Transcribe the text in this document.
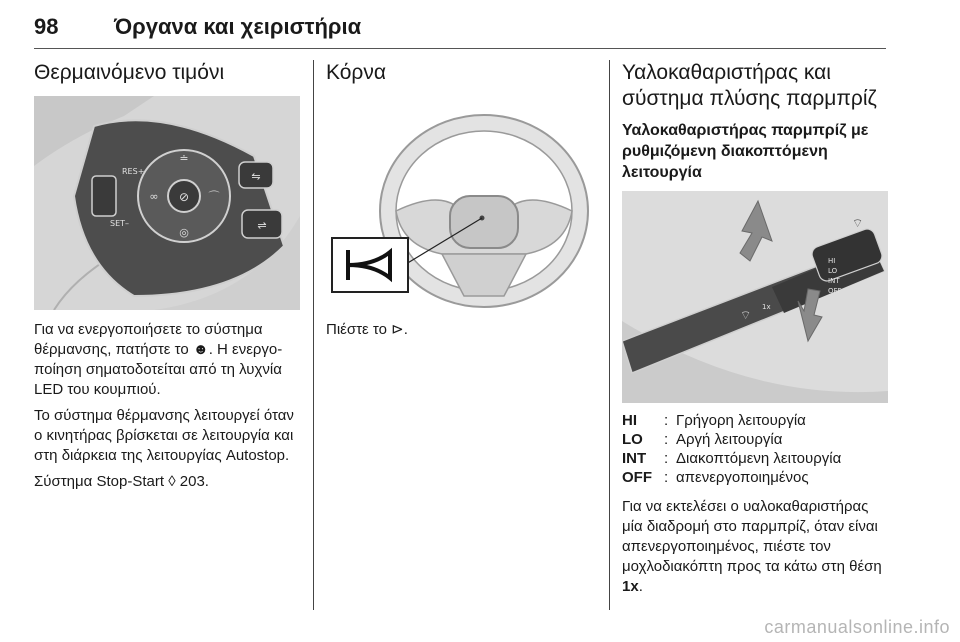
98	Όργανα και χειριστήρια
Θερμαινόμενο τιμόνι
⊘
≐
∞	⌒
◎
RES+
SET–
⇋
⇌

Για να ενεργοποιήσετε το σύστημα θέρμανσης, πατήστε το ☻. Η ενεργοποίηση σηματοδοτείται από τη λυχνία LED του κουμπιού.

Το σύστημα θέρμανσης λειτουργεί όταν ο κινητήρας βρίσκεται σε λειτουργία και στη διάρκεια της λειτουργίας Autostop.

Σύστημα Stop-Start ◊ 203.

Κόρνα

Πιέστε το ⊳.

Υαλοκαθαριστήρας και σύστημα πλύσης παρμπρίζ
Υαλοκαθαριστήρας παρμπρίζ με ρυθμιζόμενη διακοπτόμενη λειτουργία
HI
LO
INT
OFF
1x
⌔
⌔
HI	: Γρήγορη λειτουργία
LO	: Αργή λειτουργία
INT	: Διακοπτόμενη λειτουργία
OFF : απενεργοποιημένος

Για να εκτελέσει ο υαλοκαθαριστήρας μία διαδρομή στο παρμπρίζ, όταν είναι απενεργοποιημένος, πιέστε τον μοχλοδιακόπτη προς τα κάτω στη θέση 1x.

carmanualsonline.info
